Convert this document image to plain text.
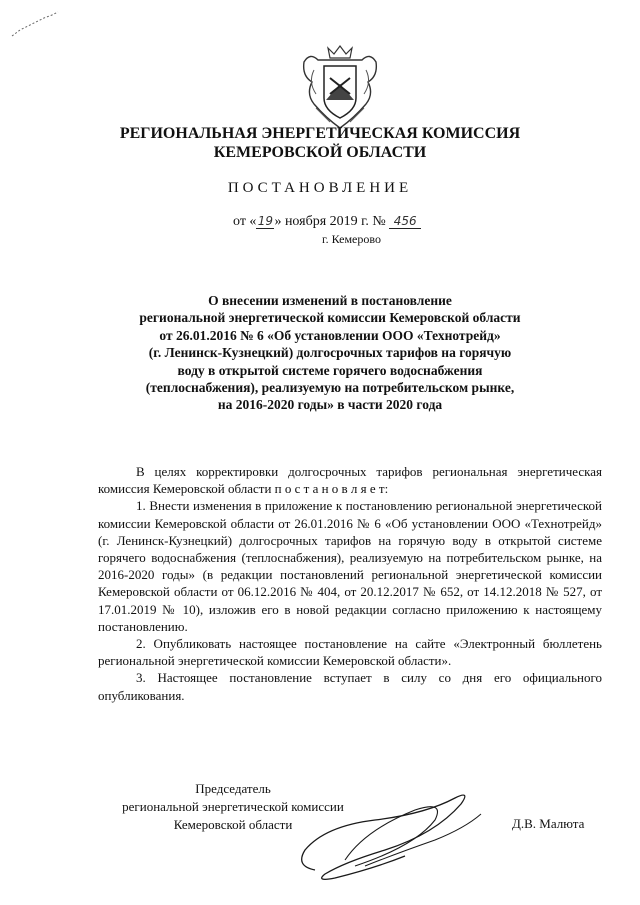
РЕГИОНАЛЬНАЯ ЭНЕРГЕТИЧЕСКАЯ КОМИССИЯ
КЕМЕРОВСКОЙ ОБЛАСТИ
ПОСТАНОВЛЕНИЕ
от «19» ноября 2019 г. № 456
г. Кемерово
О внесении изменений в постановление
региональной энергетической комиссии Кемеровской области
от 26.01.2016 № 6 «Об установлении ООО «Технотрейд»
(г. Ленинск-Кузнецкий) долгосрочных тарифов на горячую
воду в открытой системе горячего водоснабжения
(теплоснабжения), реализуемую на потребительском рынке,
на 2016-2020 годы» в части 2020 года

В целях корректировки долгосрочных тарифов региональная энергетическая комиссия Кемеровской области п о с т а н о в л я е т:

1. Внести изменения в приложение к постановлению региональной энергетической комиссии Кемеровской области от 26.01.2016 № 6 «Об установлении ООО «Технотрейд» (г. Ленинск-Кузнецкий) долгосрочных тарифов на горячую воду в открытой системе горячего водоснабжения (теплоснабжения), реализуемую на потребительском рынке, на 2016-2020 годы» (в редакции постановлений региональной энергетической комиссии Кемеровской области от 06.12.2016 № 404, от 20.12.2017 № 652, от 14.12.2018 № 527, от 17.01.2019 № 10), изложив его в новой редакции согласно приложению к настоящему постановлению.

2. Опубликовать настоящее постановление на сайте «Электронный бюллетень региональной энергетической комиссии Кемеровской области».

3. Настоящее постановление вступает в силу со дня его официального опубликования.

Председатель
региональной энергетической комиссии
Кемеровской области	Д.В. Малюта
